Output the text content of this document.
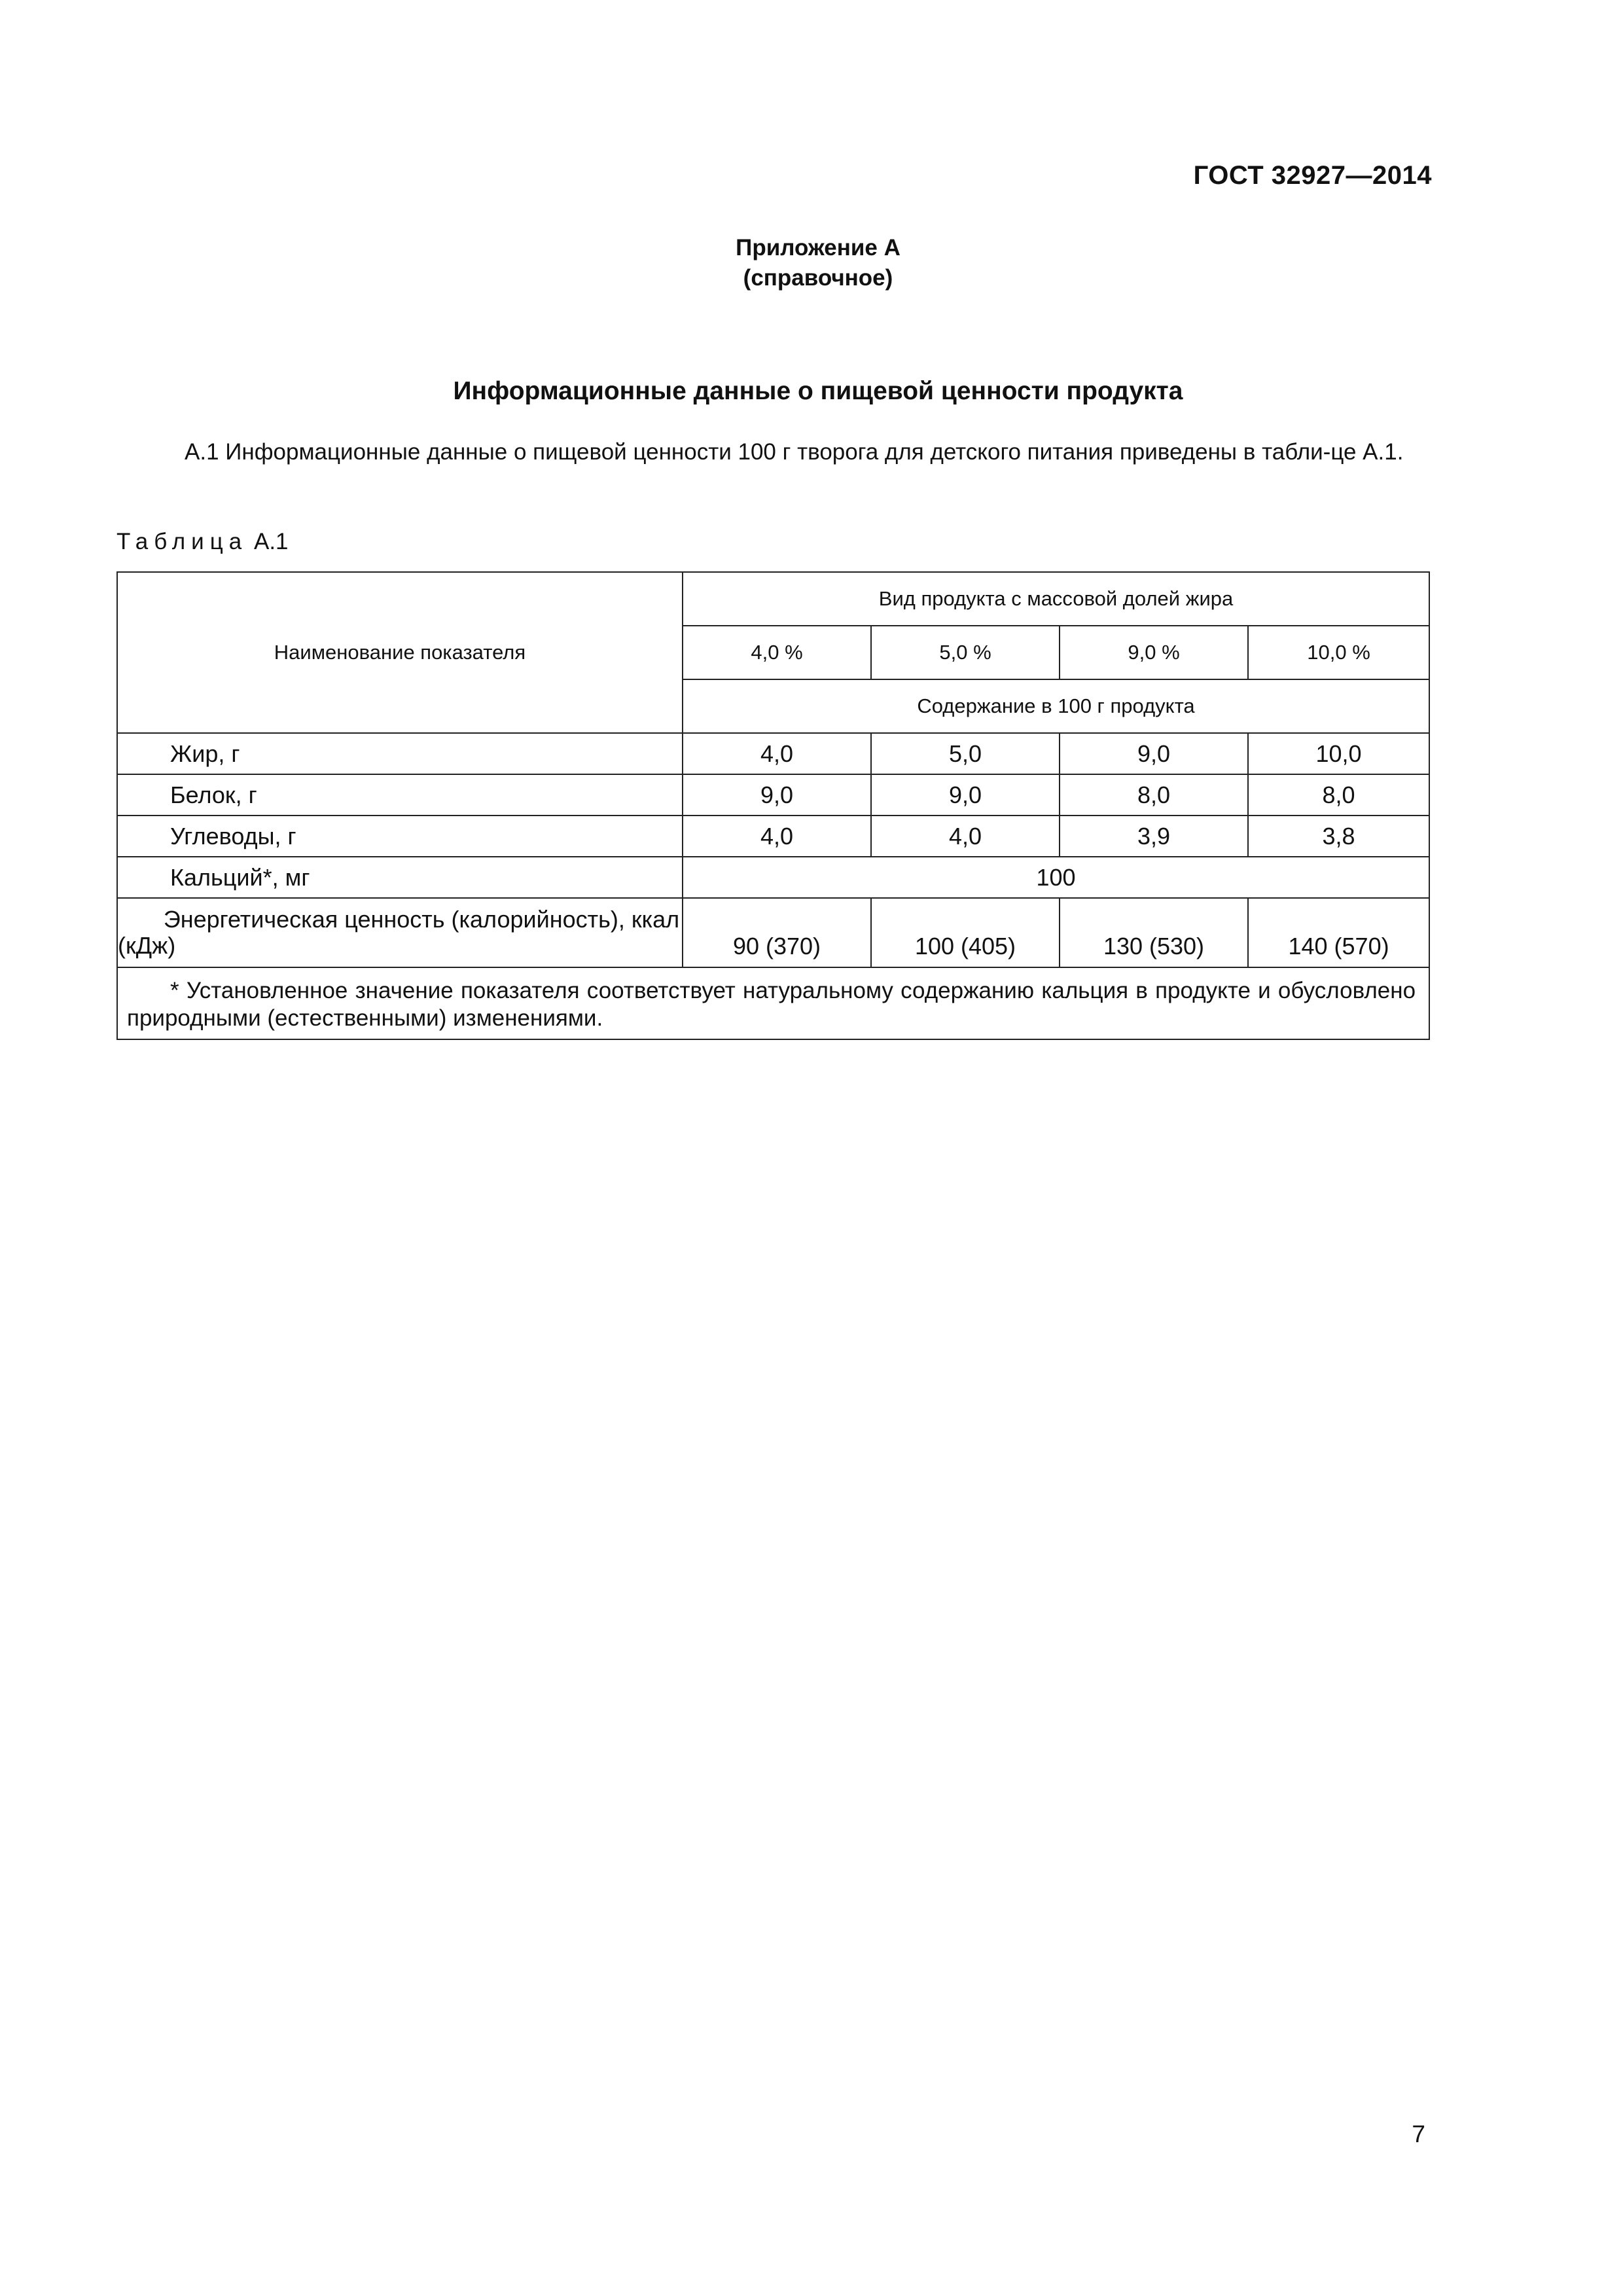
ГОСТ 32927—2014
Приложение А
(справочное)
Информационные данные о пищевой ценности продукта
А.1 Информационные данные о пищевой ценности 100 г творога для детского питания приведены в табли-це А.1.
Таблица А.1
Наименование показателя	Вид продукта с массовой долей жира			
	4,0 %	5,0 %	9,0 %	10,0 %
	Содержание в 100 г продукта			
Жир, г	4,0	5,0	9,0	10,0
Белок, г	9,0	9,0	8,0	8,0
Углеводы, г	4,0	4,0	3,9	3,8
Кальций*, мг	100			
Энергетическая ценность (калорийность), ккал (кДж)	90 (370)	100 (405)	130 (530)	140 (570)
* Установленное значение показателя соответствует натуральному содержанию кальция в продукте и обусловлено природными (естественными) изменениями.				
7
